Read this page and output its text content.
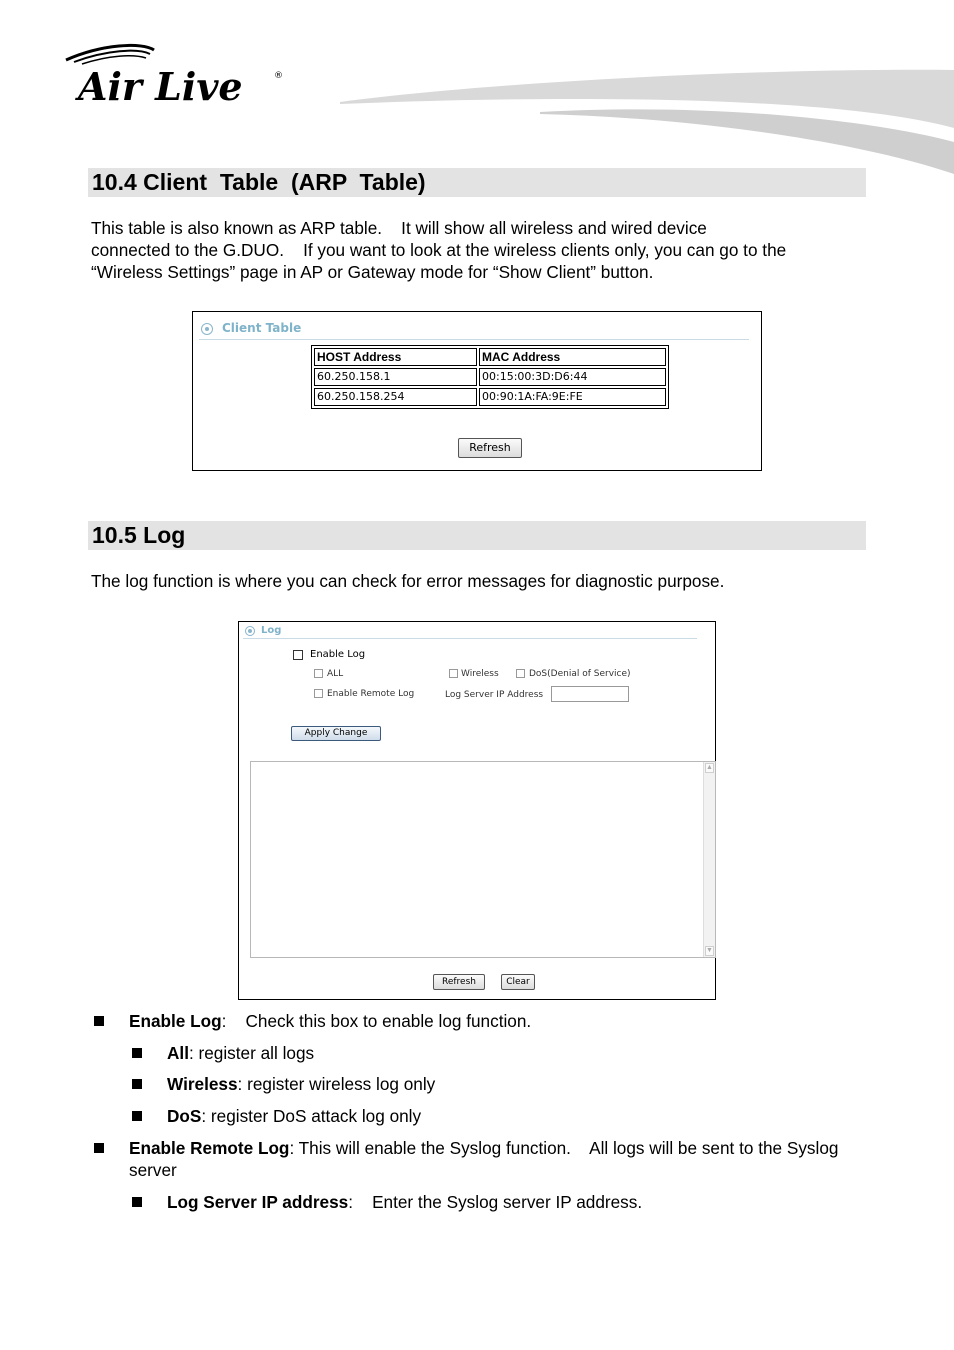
Air Live	®
10.4 Client  Table  (ARP  Table)
This table is also known as ARP table.    It will show all wireless and wired device
connected to the G.DUO.    If you want to look at the wireless clients only, you can go to the
“Wireless Settings” page in AP or Gateway mode for “Show Client” button.
Client Table
HOST Address	MAC Address
60.250.158.1	00:15:00:3D:D6:44
60.250.158.254	00:90:1A:FA:9E:FE
Refresh
10.5 Log
The log function is where you can check for error messages for diagnostic purpose.
Log
Enable Log
ALL	Wireless	DoS(Denial of Service)
Enable Remote Log	Log Server IP Address
Apply Change
▲
▼
Refresh	Clear
Enable Log:    Check this box to enable log function.
All: register all logs
Wireless: register wireless log only
DoS: register DoS attack log only
Enable Remote Log: This will enable the Syslog function.    All logs will be sent to the Syslog server
Log Server IP address:    Enter the Syslog server IP address.
